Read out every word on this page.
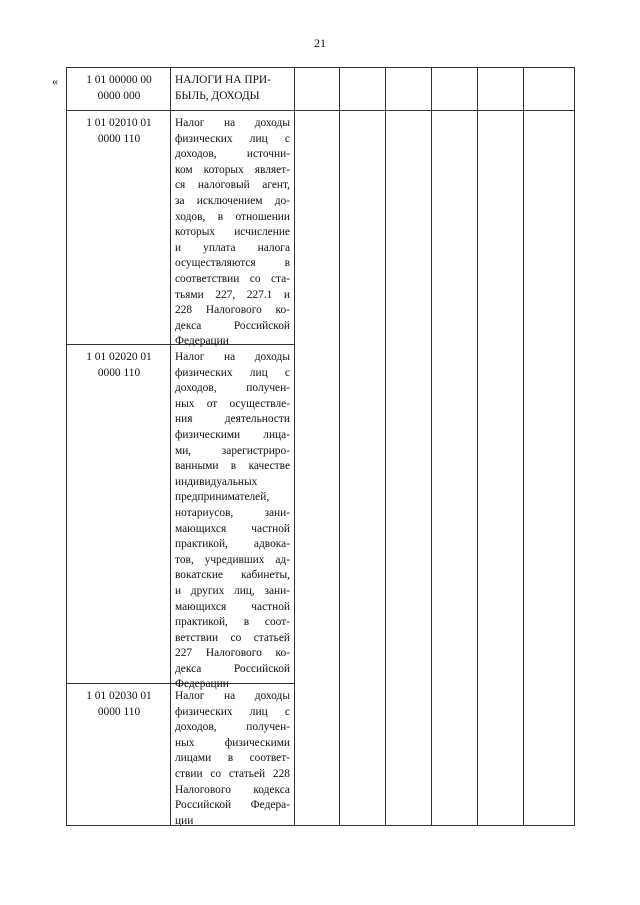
21
«	1 01 00000 00
0000 000
НАЛОГИ НА ПРИ-
БЫЛЬ, ДОХОДЫ
1 01 02010 01
0000 110
Налог на доходы
физических лиц с
доходов, источни-
ком которых являет-
ся налоговый агент,
за исключением до-
ходов, в отношении
которых исчисление
и уплата налога
осуществляются в
соответствии со ста-
тьями 227, 227.1 и
228 Налогового ко-
декса Российской
Федерации
1 01 02020 01
0000 110
Налог на доходы
физических лиц с
доходов, получен-
ных от осуществле-
ния деятельности
физическими лица-
ми, зарегистриро-
ванными в качестве
индивидуальных
предпринимателей,
нотариусов, зани-
мающихся частной
практикой, адвока-
тов, учредивших ад-
вокатские кабинеты,
и других лиц, зани-
мающихся частной
практикой, в соот-
ветствии со статьей
227 Налогового ко-
декса Российской
Федерации
1 01 02030 01
0000 110
Налог на доходы
физических лиц с
доходов, получен-
ных физическими
лицами в соответ-
ствии со статьей 228
Налогового кодекса
Российской Федера-
ции
